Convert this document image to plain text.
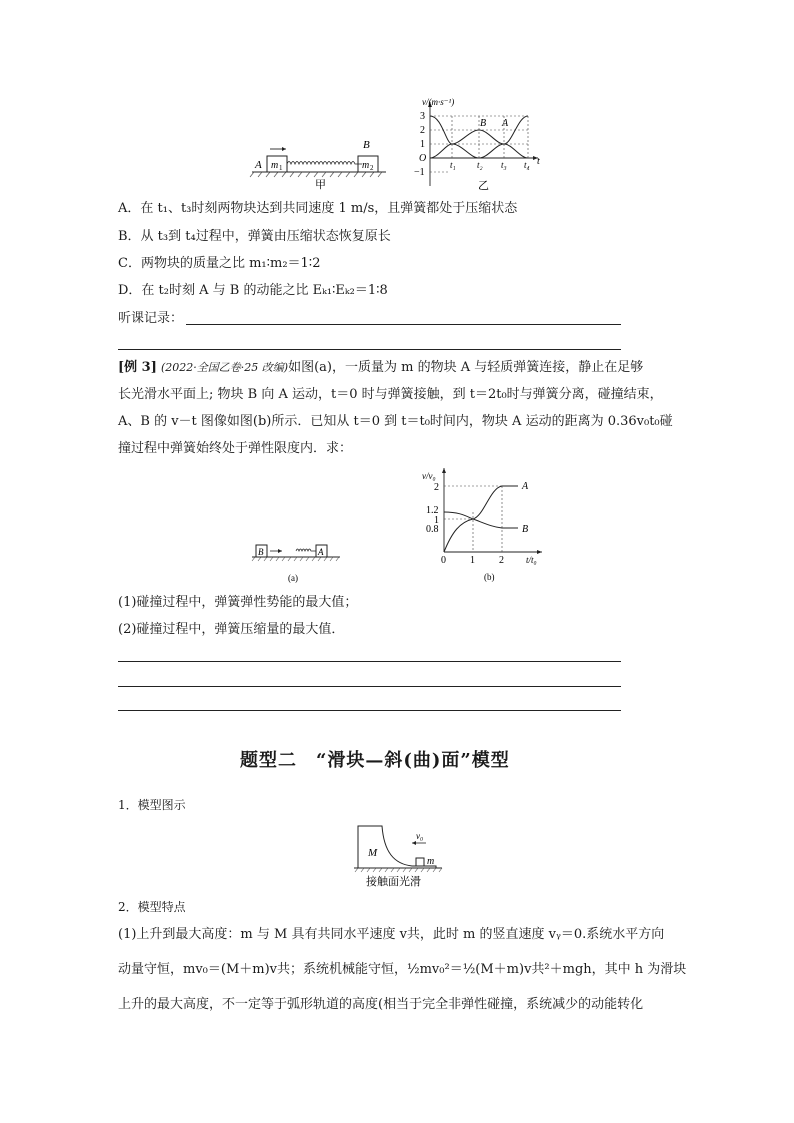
A
B
m 1	m 2
甲
v/(m·s⁻¹)
3
2
1
O
−1
t₁ t₂ t₃ t₄ t
B A
乙
A．在 t₁、t₃时刻两物块达到共同速度 1 m/s，且弹簧都处于压缩状态
B．从 t₃到 t₄过程中，弹簧由压缩状态恢复原长
C．两物块的质量之比 m₁∶m₂＝1∶2
D．在 t₂时刻 A 与 B 的动能之比 Eₖ₁∶Eₖ₂＝1∶8
听课记录：
[例 3] (2022·全国乙卷·25 改编)如图(a)，一质量为 m 的物块 A 与轻质弹簧连接，静止在足够
长光滑水平面上; 物块 B 向 A 运动，t＝0 时与弹簧接触，到 t＝2t₀时与弹簧分离，碰撞结束，
A、B 的 v－t 图像如图(b)所示．已知从 t＝0 到 t＝t₀时间内，物块 A 运动的距离为 0.36v₀t₀碰
撞过程中弹簧始终处于弹性限度内．求：
B	A
(a)
v/v₀
2
1.2
1
0.8
0 1 2 t/t₀
A
B
(b)
(1)碰撞过程中，弹簧弹性势能的最大值；
(2)碰撞过程中，弹簧压缩量的最大值．
题型二　“滑块—斜(曲)面”模型
1．模型图示
M
m
v₀
接触面光滑
2．模型特点
(1)上升到最大高度：m 与 M 具有共同水平速度 v共，此时 m 的竖直速度 vᵧ＝0.系统水平方向
动量守恒，mv₀＝(M＋m)v共；系统机械能守恒，½mv₀²＝½(M＋m)v共²＋mgh，其中 h 为滑块
上升的最大高度，不一定等于弧形轨道的高度(相当于完全非弹性碰撞，系统减少的动能转化
